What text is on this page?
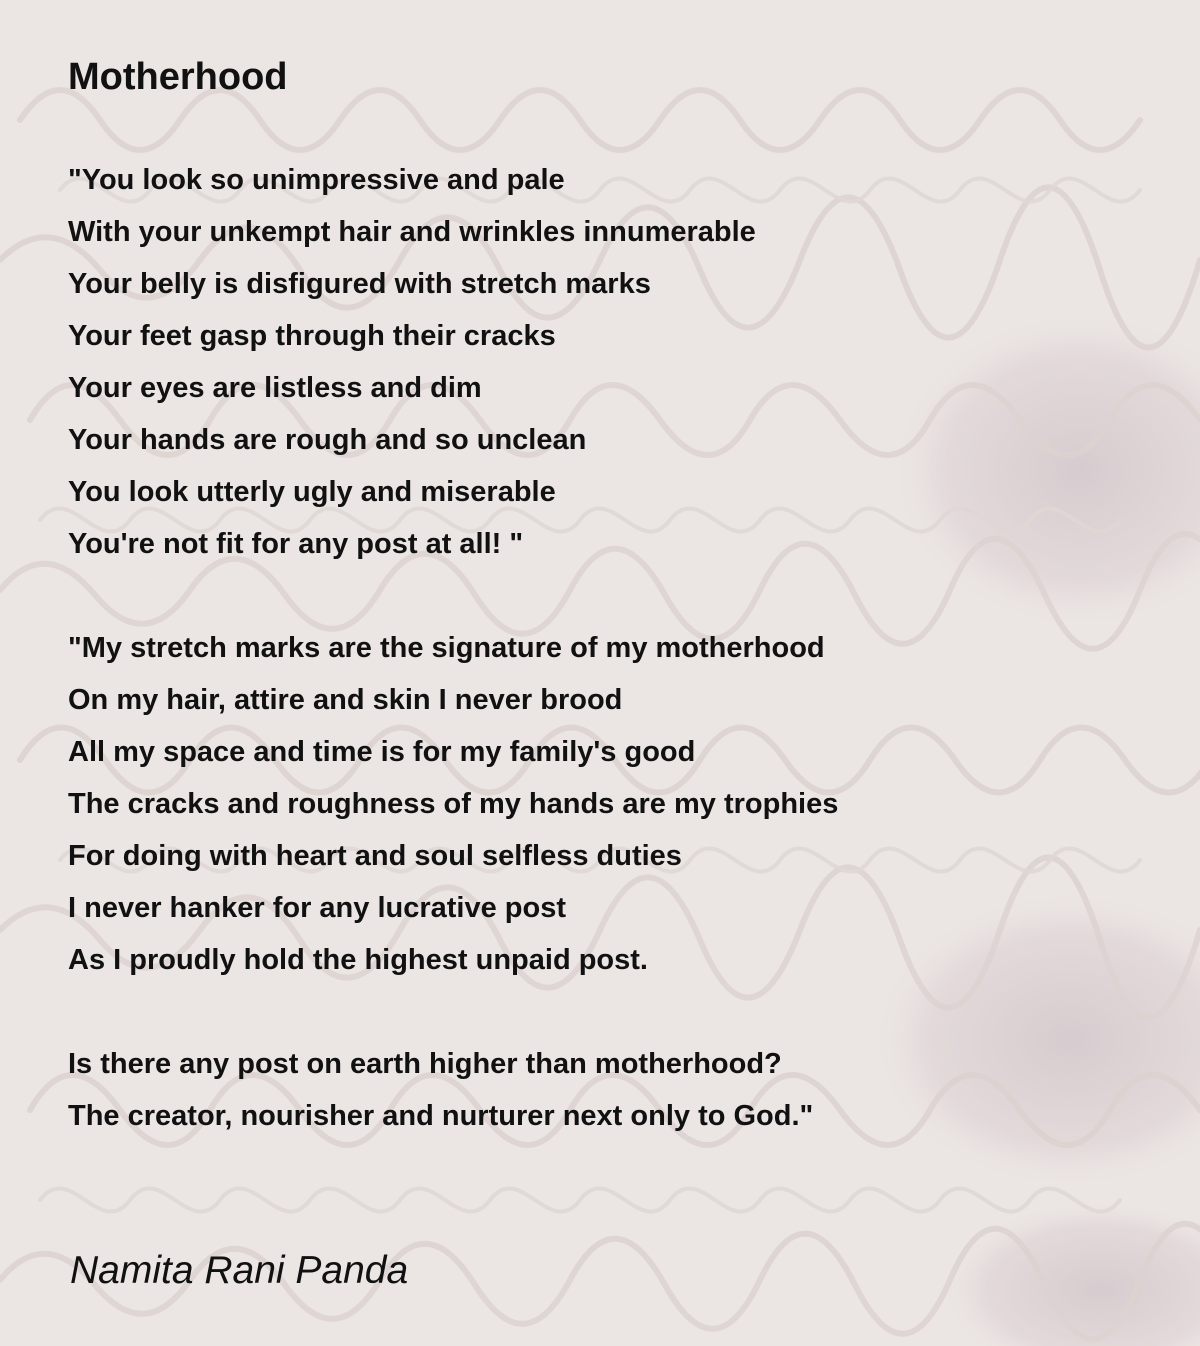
Motherhood
"You look so unimpressive and pale
With your unkempt hair and wrinkles innumerable
Your belly is disfigured with stretch marks
Your feet gasp through their cracks
Your eyes are listless and dim
Your hands are rough and so unclean
You look utterly ugly and miserable
You're not fit for any post at all! "
"My stretch marks are the signature of my motherhood
On my hair, attire and skin I never brood
All my space and time is for my family's good
The cracks and roughness of my hands are my trophies
For doing with heart and soul selfless duties
I never hanker for any lucrative post
As I proudly hold the highest unpaid post.
Is there any post on earth higher than motherhood?
The creator, nourisher and nurturer next only to God."
Namita Rani Panda
